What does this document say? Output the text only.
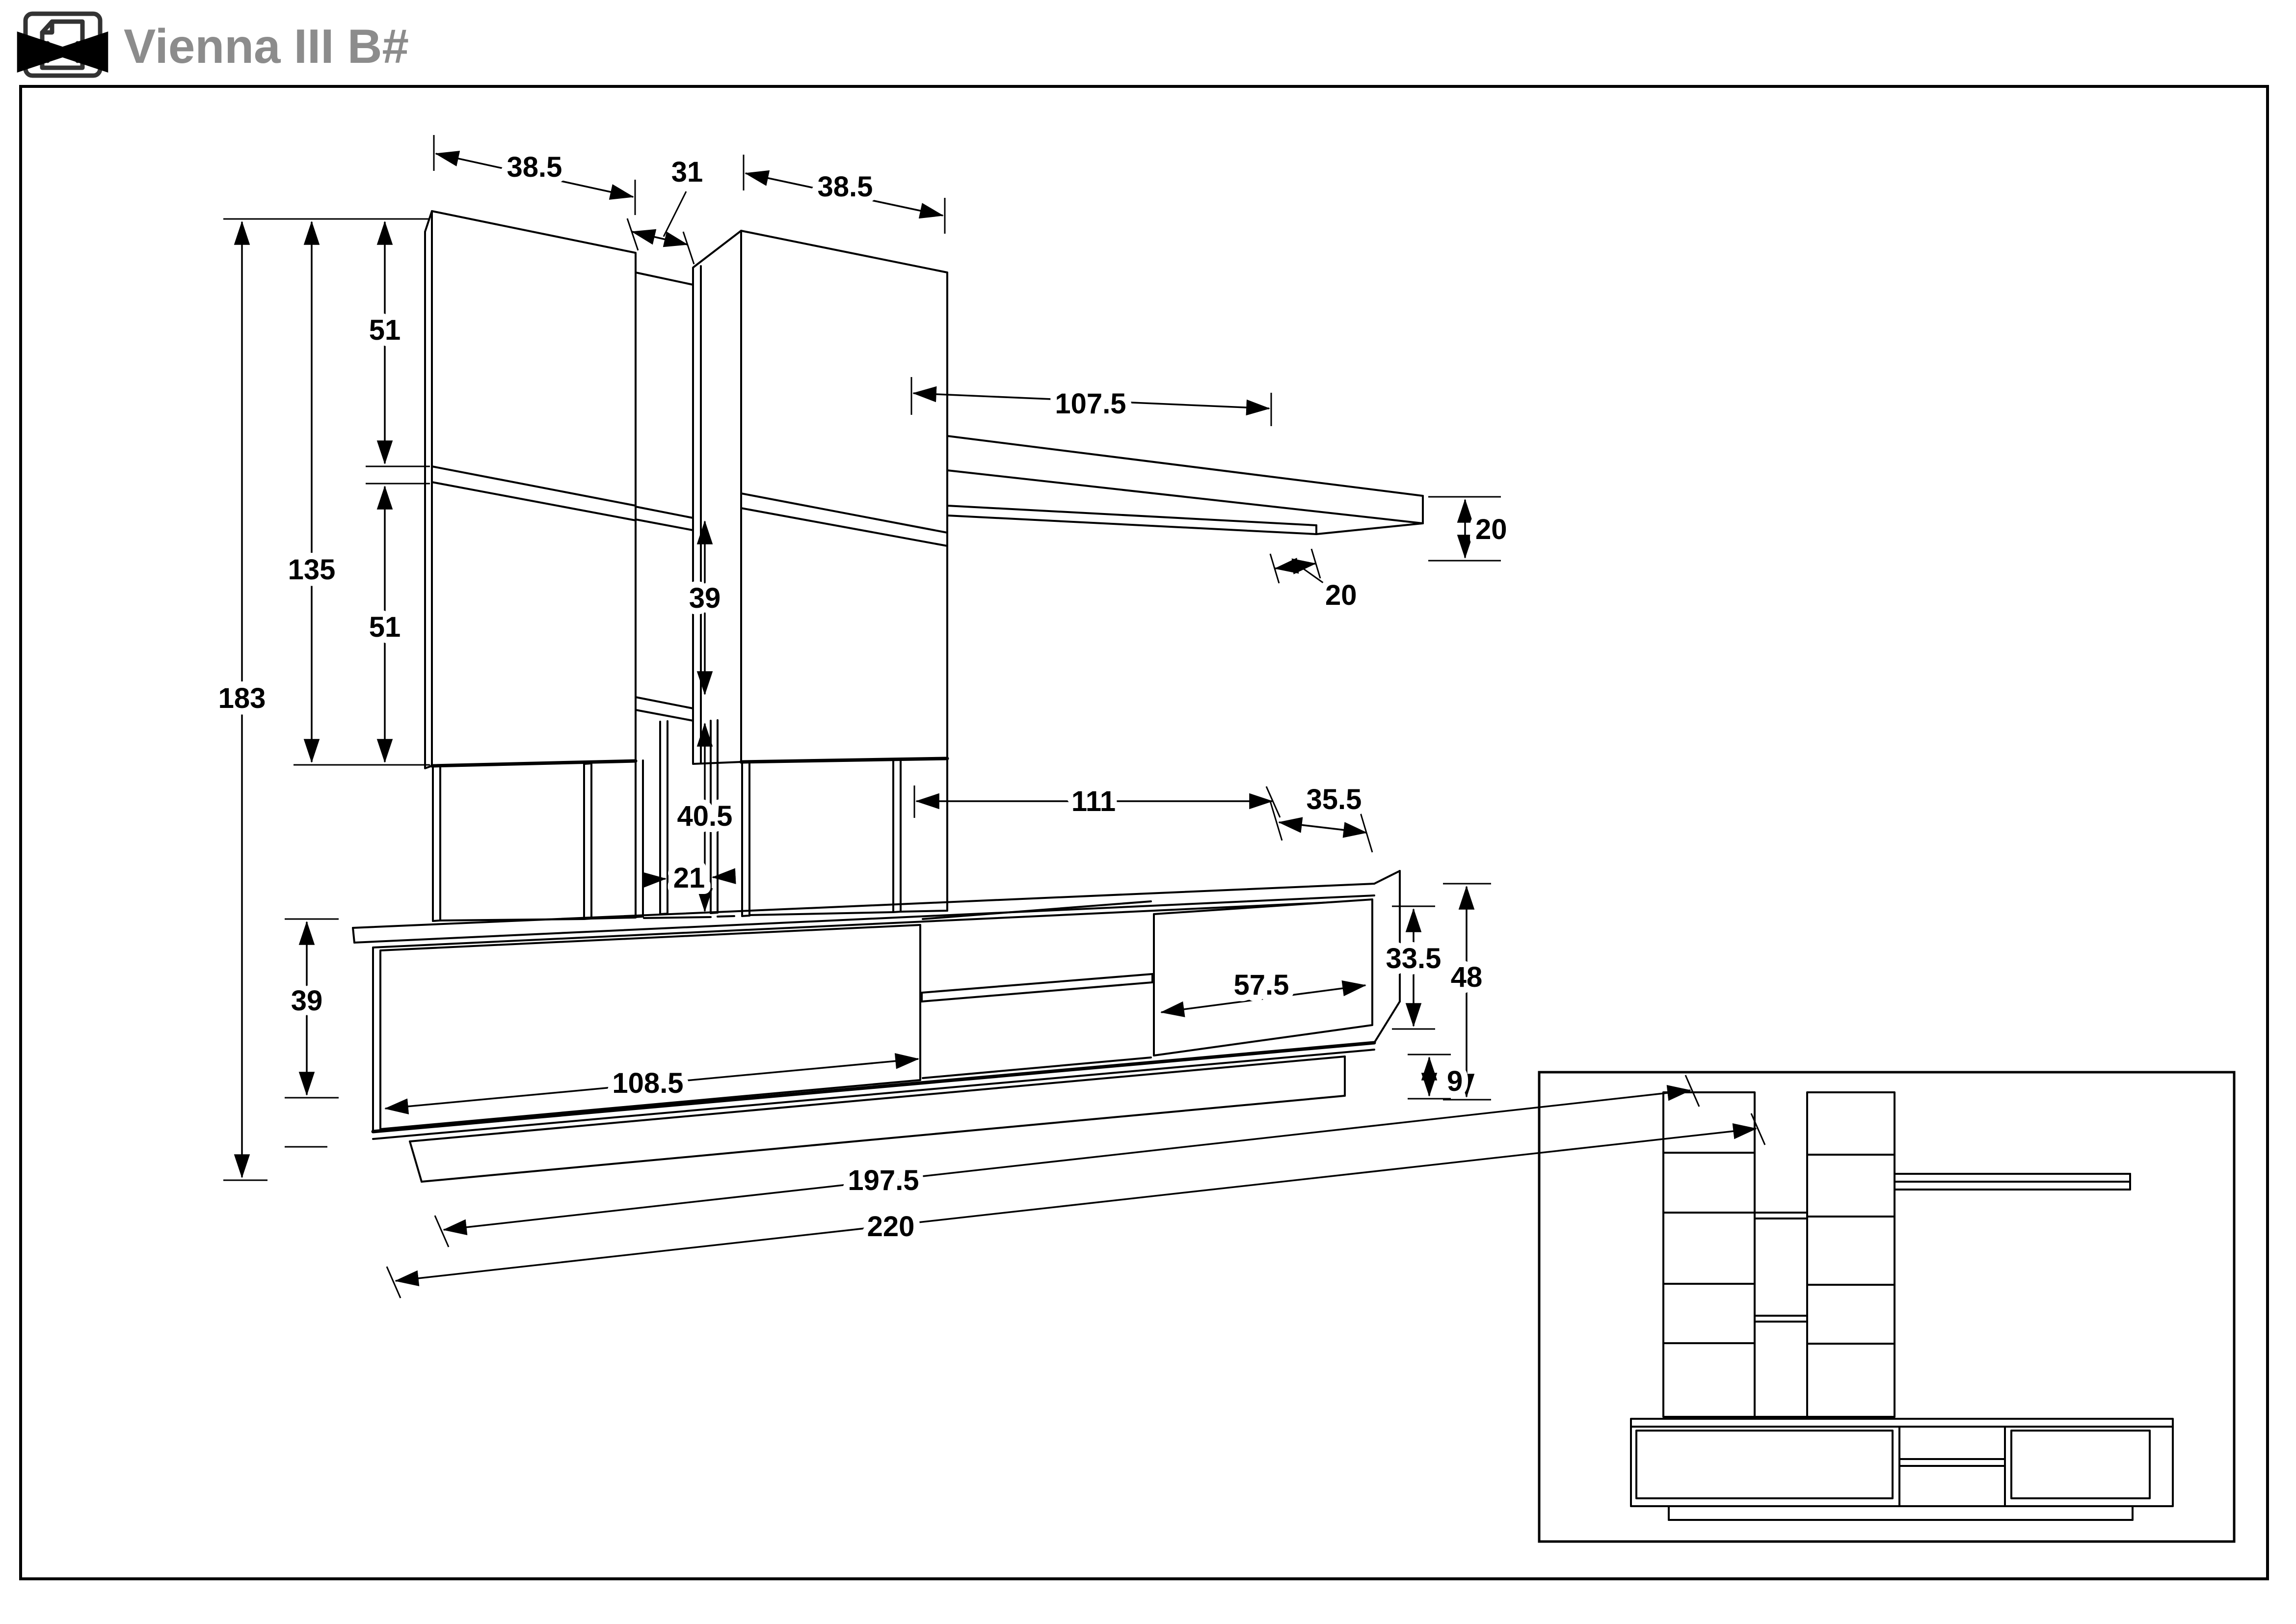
Vienna III B#
38.5	31	38.5
51
51
135
183
39
107.5
20
20
39
40.5
21
111	35.5
33.5
48
57.5
9
108.5
197.5
220
